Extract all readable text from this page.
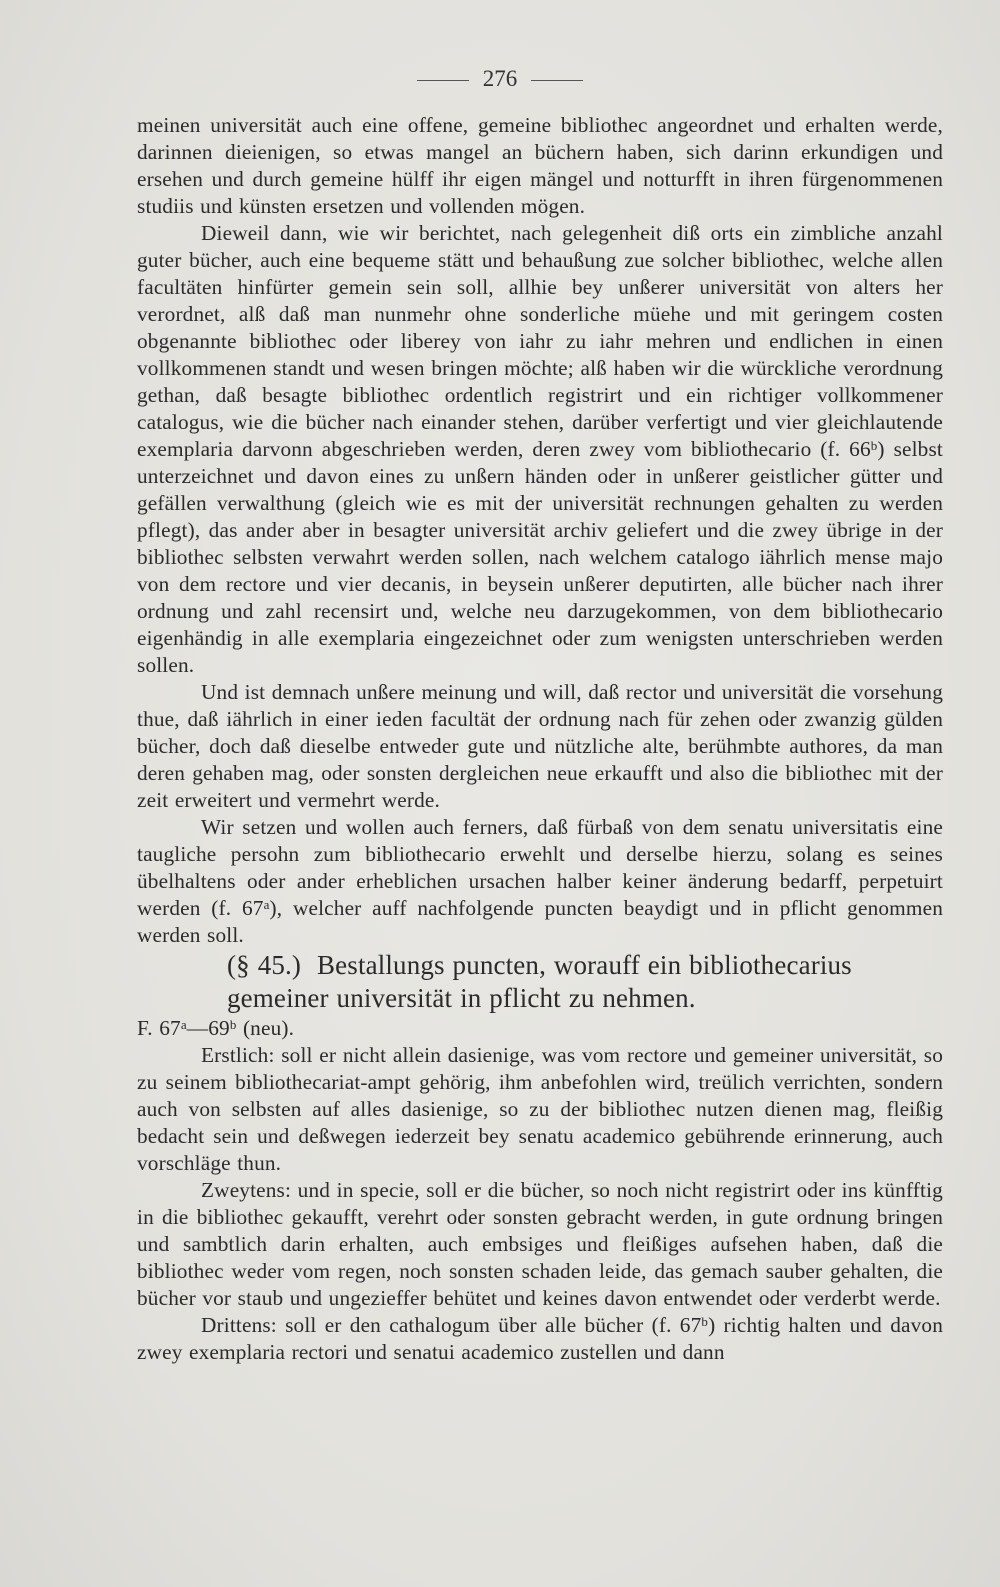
276

meinen universität auch eine offene, gemeine bibliothec angeordnet und erhalten werde, darinnen dieienigen, so etwas mangel an büchern haben, sich darinn erkundigen und ersehen und durch gemeine hülff ihr eigen mängel und notturfft in ihren fürgenommenen studiis und künsten ersetzen und vollenden mögen.

Dieweil dann, wie wir berichtet, nach gelegenheit diß orts ein zimbliche anzahl guter bücher, auch eine bequeme stätt und behaußung zue solcher bibliothec, welche allen facultäten hinfürter gemein sein soll, allhie bey unßerer universität von alters her verordnet, alß daß man nunmehr ohne sonderliche müehe und mit geringem costen obgenannte bibliothec oder liberey von iahr zu iahr mehren und endlichen in einen vollkommenen standt und wesen bringen möchte; alß haben wir die würckliche verordnung gethan, daß besagte bibliothec ordentlich registrirt und ein richtiger vollkommener catalogus, wie die bücher nach einander stehen, darüber verfertigt und vier gleichlautende exemplaria darvonn abgeschrieben werden, deren zwey vom bibliothecario (f. 66$^b$) selbst unterzeichnet und davon eines zu unßern händen oder in unßerer geistlicher gütter und gefällen verwalthung (gleich wie es mit der universität rechnungen gehalten zu werden pflegt), das ander aber in besagter universität archiv geliefert und die zwey übrige in der bibliothec selbsten verwahrt werden sollen, nach welchem catalogo iährlich mense majo von dem rectore und vier decanis, in beysein unßerer deputirten, alle bücher nach ihrer ordnung und zahl recensirt und, welche neu darzugekommen, von dem bibliothecario eigenhändig in alle exemplaria eingezeichnet oder zum wenigsten unterschrieben werden sollen.

Und ist demnach unßere meinung und will, daß rector und universität die vorsehung thue, daß iährlich in einer ieden facultät der ordnung nach für zehen oder zwanzig gülden bücher, doch daß dieselbe entweder gute und nützliche alte, berühmbte authores, da man deren gehaben mag, oder sonsten dergleichen neue erkaufft und also die bibliothec mit der zeit erweitert und vermehrt werde.

Wir setzen und wollen auch ferners, daß fürbaß von dem senatu universitatis eine taugliche persohn zum bibliothecario erwehlt und derselbe hierzu, solang es seines übelhaltens oder ander erheblichen ursachen halber keiner änderung bedarff, perpetuirt werden (f. 67$^a$), welcher auff nachfolgende puncten beaydigt und in pflicht genommen werden soll.

(§ 45.) Bestallungs puncten, worauff ein bibliothecarius gemeiner universität in pflicht zu nehmen.

F. 67$^a$—69$^b$ (neu).

Erstlich: soll er nicht allein dasienige, was vom rectore und gemeiner universität, so zu seinem bibliothecariat-ampt gehörig, ihm anbefohlen wird, treülich verrichten, sondern auch von selbsten auf alles dasienige, so zu der bibliothec nutzen dienen mag, fleißig bedacht sein und deßwegen iederzeit bey senatu academico gebührende erinnerung, auch vorschläge thun.

Zweytens: und in specie, soll er die bücher, so noch nicht registrirt oder ins künfftig in die bibliothec gekaufft, verehrt oder sonsten gebracht werden, in gute ordnung bringen und sambtlich darin erhalten, auch embsiges und fleißiges aufsehen haben, daß die bibliothec weder vom regen, noch sonsten schaden leide, das gemach sauber gehalten, die bücher vor staub und ungezieffer behütet und keines davon entwendet oder verderbt werde.

Drittens: soll er den cathalogum über alle bücher (f. 67$^b$) richtig halten und davon zwey exemplaria rectori und senatui academico zustellen und dann
